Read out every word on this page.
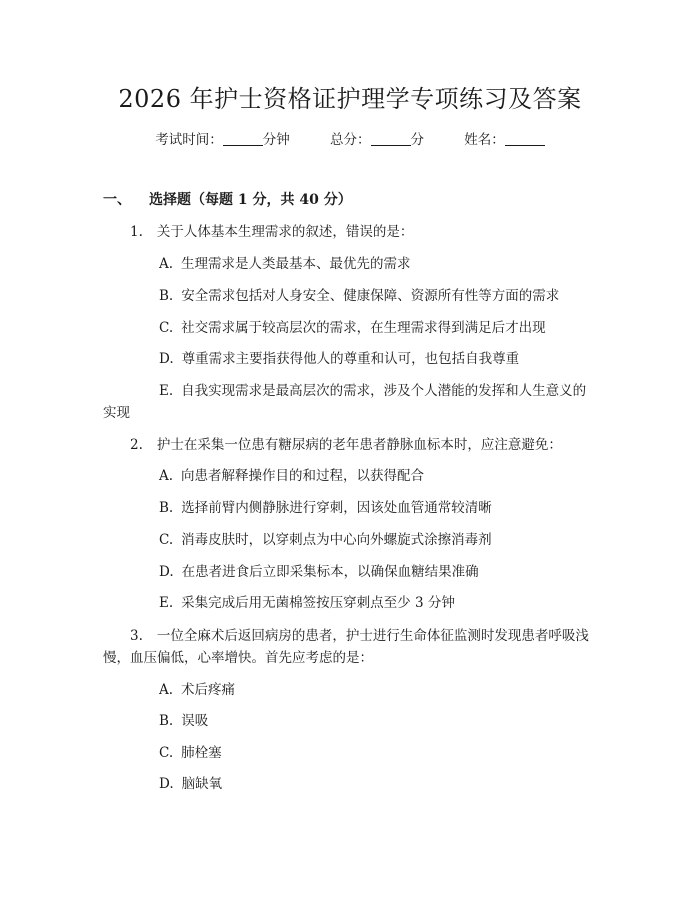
2026 年护士资格证护理学专项练习及答案
考试时间：	分钟	总分：	分	姓名：
一、 选择题（每题 1 分，共 40 分）
1. 关于人体基本生理需求的叙述，错误的是：
A. 生理需求是人类最基本、最优先的需求
B. 安全需求包括对人身安全、健康保障、资源所有性等方面的需求
C. 社交需求属于较高层次的需求，在生理需求得到满足后才出现
D. 尊重需求主要指获得他人的尊重和认可，也包括自我尊重
E. 自我实现需求是最高层次的需求，涉及个人潜能的发挥和人生意义的
实现
2. 护士在采集一位患有糖尿病的老年患者静脉血标本时，应注意避免：
A. 向患者解释操作目的和过程，以获得配合
B. 选择前臂内侧静脉进行穿刺，因该处血管通常较清晰
C. 消毒皮肤时，以穿刺点为中心向外螺旋式涂擦消毒剂
D. 在患者进食后立即采集标本，以确保血糖结果准确
E. 采集完成后用无菌棉签按压穿刺点至少 3 分钟
3. 一位全麻术后返回病房的患者，护士进行生命体征监测时发现患者呼吸浅
慢，血压偏低，心率增快。首先应考虑的是：
A. 术后疼痛
B. 误吸
C. 肺栓塞
D. 脑缺氧
